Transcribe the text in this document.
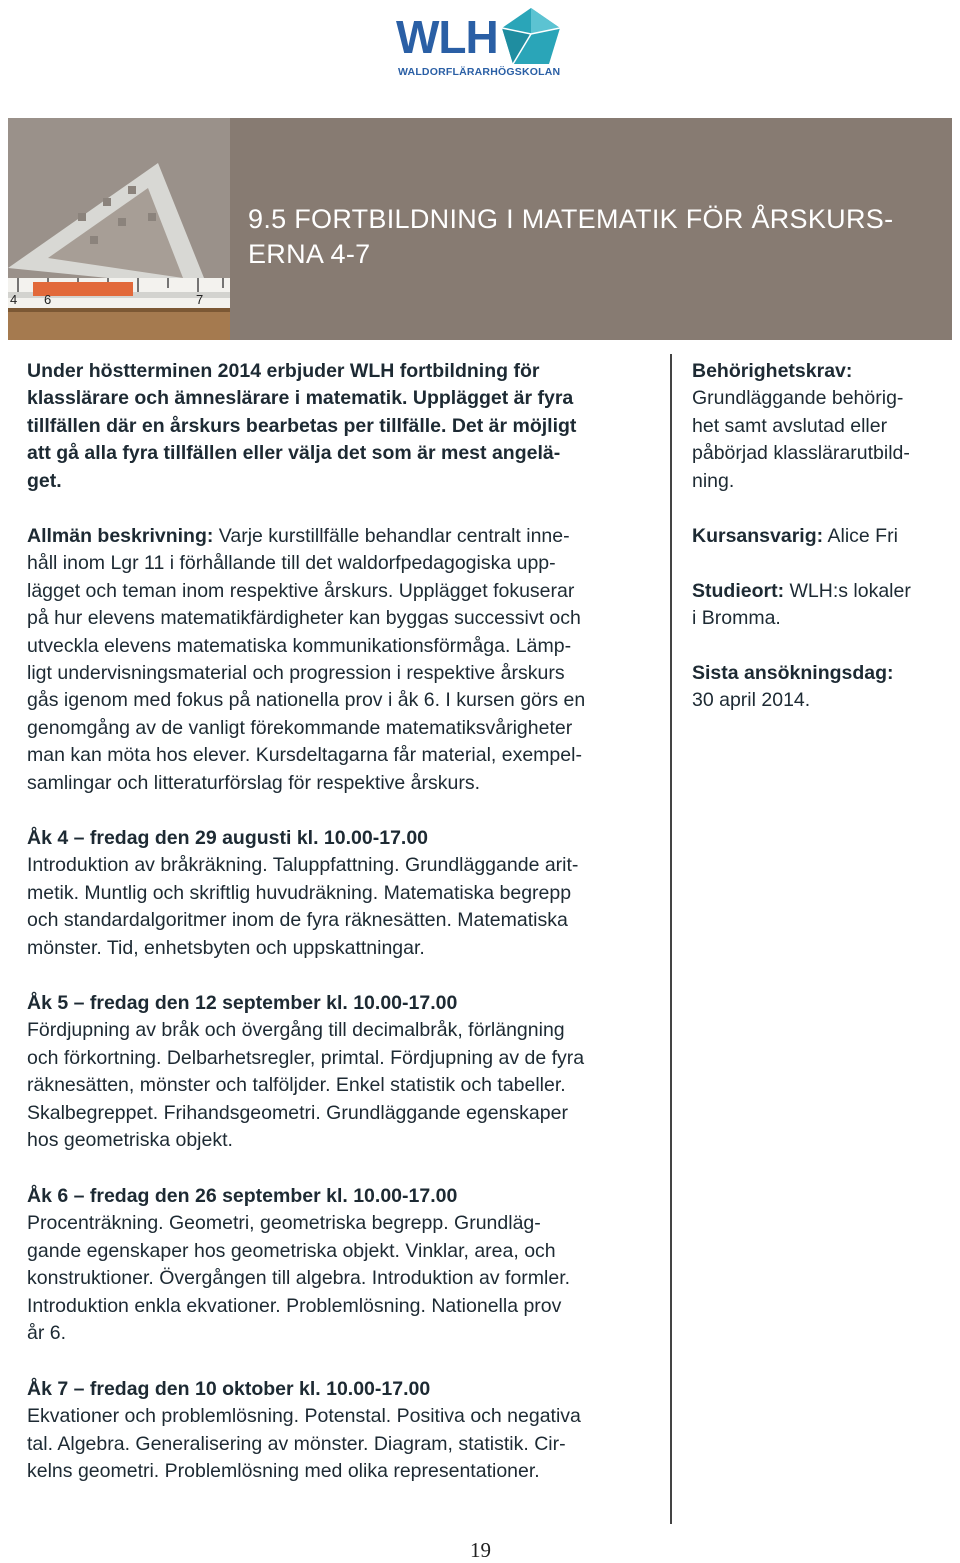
WLH
WALDORFLÄRARHÖGSKOLAN
4 6	7
9.5 FORTBILDNING I MATEMATIK FÖR ÅRSKURS-
ERNA 4-7
Under höstterminen 2014 erbjuder WLH fortbildning för
klasslärare och ämneslärare i matematik. Upplägget är fyra
tillfällen där en årskurs bearbetas per tillfälle. Det är möjligt
att gå alla fyra tillfällen eller välja det som är mest angelä-
get.
Allmän beskrivning: Varje kurstillfälle behandlar centralt inne-
håll inom Lgr 11 i förhållande till det waldorfpedagogiska upp-
lägget och teman inom respektive årskurs. Upplägget fokuserar
på hur elevens matematikfärdigheter kan byggas successivt och
utveckla elevens matematiska kommunikationsförmåga. Lämp-
ligt undervisningsmaterial och progression i respektive årskurs
gås igenom med fokus på nationella prov i åk 6. I kursen görs en
genomgång av de vanligt förekommande matematiksvårigheter
man kan möta hos elever. Kursdeltagarna får material, exempel-
samlingar och litteraturförslag för respektive årskurs.
Åk 4 – fredag den 29 augusti kl. 10.00-17.00
Introduktion av bråkräkning. Taluppfattning. Grundläggande arit-
metik. Muntlig och skriftlig huvudräkning. Matematiska begrepp
och standardalgoritmer inom de fyra räknesätten. Matematiska
mönster. Tid, enhetsbyten och uppskattningar.
Åk 5 – fredag den 12 september kl. 10.00-17.00
Fördjupning av bråk och övergång till decimalbråk, förlängning
och förkortning. Delbarhetsregler, primtal. Fördjupning av de fyra
räknesätten, mönster och talföljder. Enkel statistik och tabeller.
Skalbegreppet. Frihandsgeometri. Grundläggande egenskaper
hos geometriska objekt.
Åk 6 – fredag den 26 september kl. 10.00-17.00
Procenträkning. Geometri, geometriska begrepp. Grundläg-
gande egenskaper hos geometriska objekt. Vinklar, area, och
konstruktioner. Övergången till algebra. Introduktion av formler.
Introduktion enkla ekvationer. Problemlösning. Nationella prov
år 6.
Åk 7 – fredag den 10 oktober kl. 10.00-17.00
Ekvationer och problemlösning. Potenstal. Positiva och negativa
tal. Algebra. Generalisering av mönster. Diagram, statistik. Cir-
kelns geometri. Problemlösning med olika representationer.
Behörighetskrav:
Grundläggande behörig-
het samt avslutad eller
påbörjad klasslärarutbild-
ning.
Kursansvarig: Alice Fri
Studieort: WLH:s lokaler
i Bromma.
Sista ansökningsdag:
30 april 2014.
19
